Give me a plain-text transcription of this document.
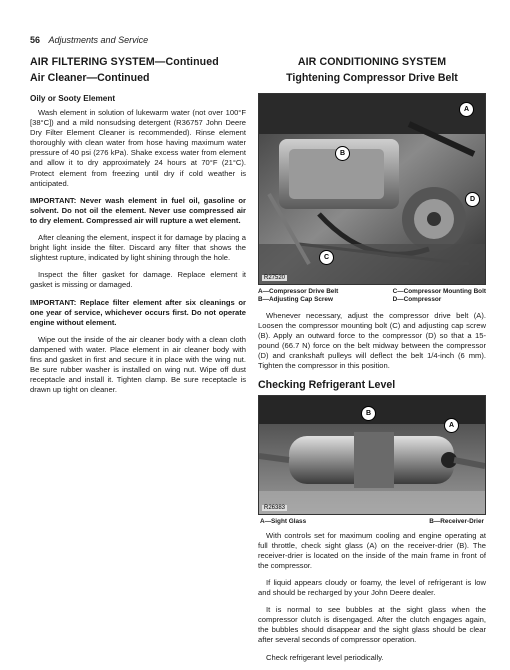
56 Adjustments and Service
AIR FILTERING SYSTEM—Continued
Air Cleaner—Continued
Oily or Sooty Element

Wash element in solution of lukewarm water (not over 100°F [38°C]) and a mild nonsudsing detergent (R36757 John Deere Dry Filter Element Cleaner is recommended). Rinse element thoroughly with clean water from hose having maximum water pressure of 40 psi (276 kPa). Shake excess water from element and allow it to dry approximately 24 hours at 70°F (21°C). Protect element from freezing until dry if cold weather is anticipated.

IMPORTANT: Never wash element in fuel oil, gasoline or solvent. Do not oil the element. Never use compressed air to dry element. Compressed air will rupture a wet element.

After cleaning the element, inspect it for damage by placing a bright light inside the filter. Discard any filter that shows the slightest rupture, indicated by light shining through the hole.

Inspect the filter gasket for damage. Replace element it gasket is missing or damaged.

IMPORTANT: Replace filter element after six cleanings or one year of service, whichever occurs first. Do not operate engine without element.

Wipe out the inside of the air cleaner body with a clean cloth dampened with water. Place element in air cleaner body with fins and gasket in first and secure it in place with the wing nut. Be sure rubber washer is installed on wing nut. Wipe off dust receptacle and install it. Tighten clamp. Be sure receptacle is drawn up tight on cleaner.

AIR CONDITIONING SYSTEM
Tightening Compressor Drive Belt
A
B
C
D
R27520
A—Compressor Drive Belt
B—Adjusting Cap Screw
C—Compressor Mounting Bolt
D—Compressor

Whenever necessary, adjust the compressor drive belt (A). Loosen the compressor mounting bolt (C) and adjusting cap screw (B). Apply an outward force to the compressor (D) so that a 15-pound (66.7 N) force on the belt midway between the compressor (D) and crankshaft pulleys will deflect the belt 1/4-inch (6 mm). Tighten the compressor in this position.

Checking Refrigerant Level
B
A
R26383
A—Sight Glass	B—Receiver-Drier

With controls set for maximum cooling and engine operating at full throttle, check sight glass (A) on the receiver-drier (B). The receiver-drier is located on the inside of the main frame in front of the compressor.

If liquid appears cloudy or foamy, the level of refrigerant is low and should be recharged by your John Deere dealer.

It is normal to see bubbles at the sight glass when the compressor clutch is disengaged. After the clutch engages again, the bubbles should disappear and the sight glass should be clear after several seconds of compressor operation.

Check refrigerant level periodically.
